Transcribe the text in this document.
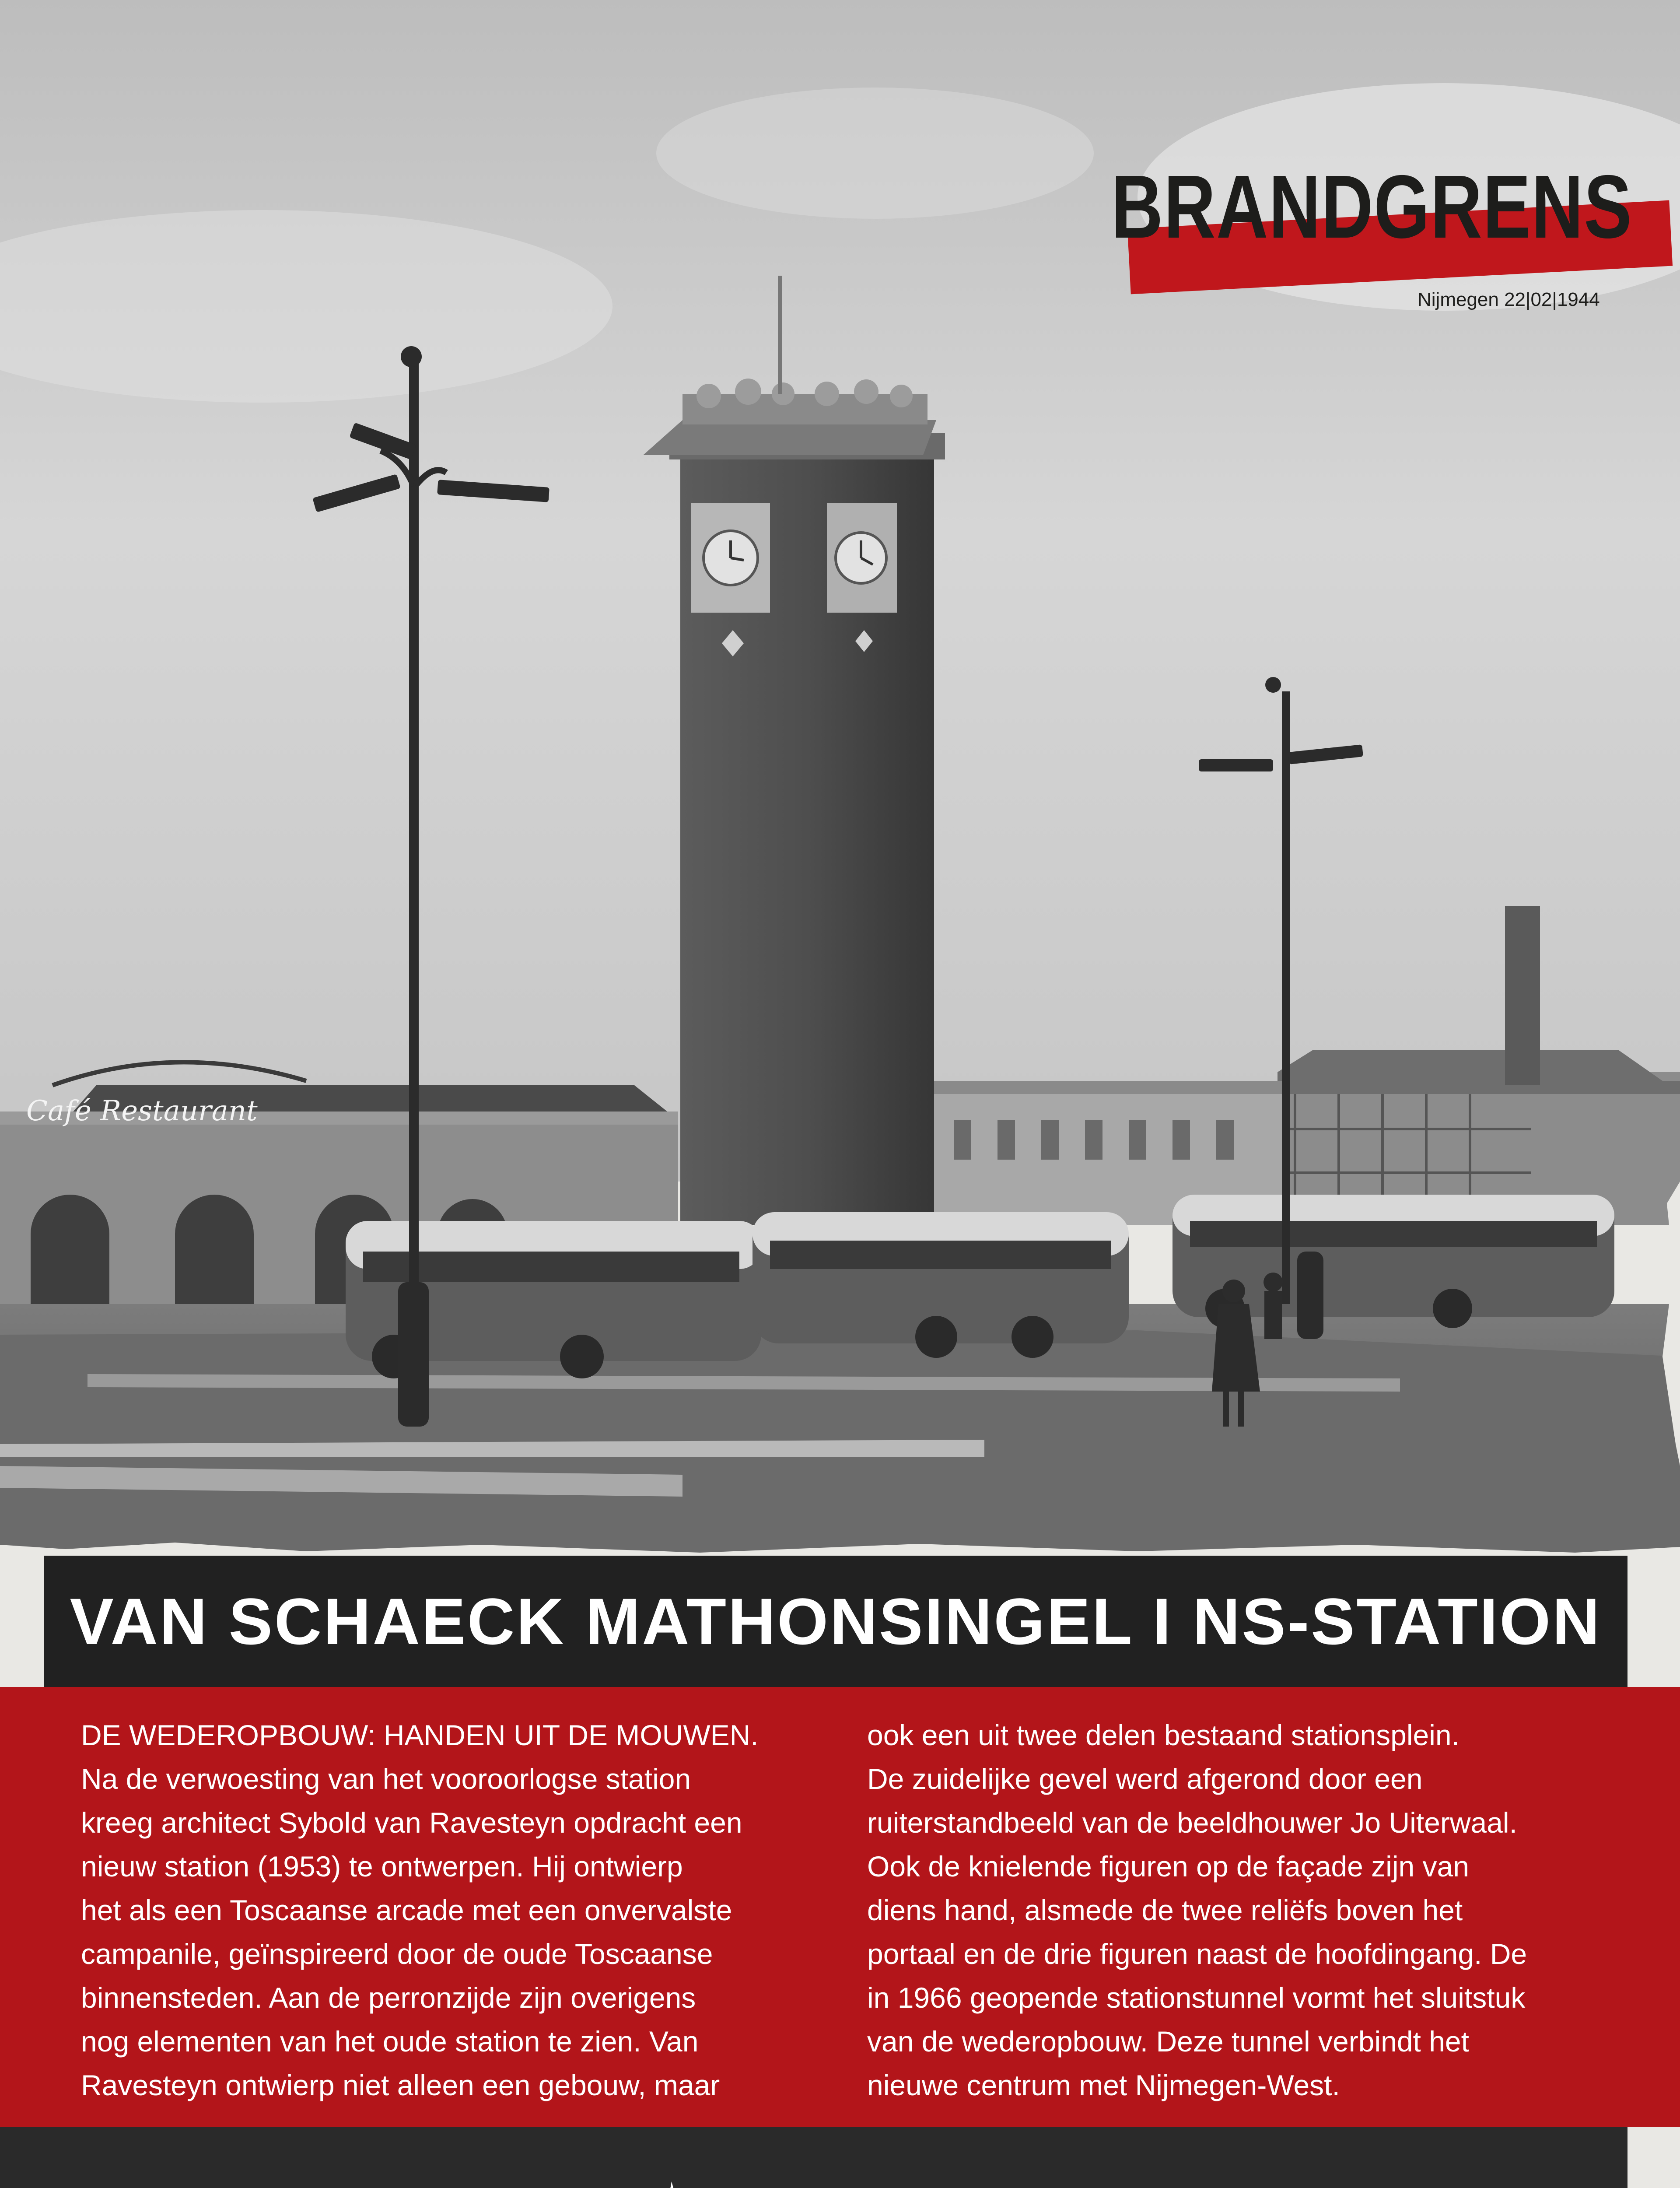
Café Restaurant
BRANDGRENS
Nijmegen 22|02|1944
VAN SCHAECK MATHONSINGEL I NS-STATION
DE WEDEROPBOUW: HANDEN UIT DE MOUWEN.
Na de verwoesting van het vooroorlogse station
kreeg architect Sybold van Ravesteyn opdracht een
nieuw station (1953) te ontwerpen. Hij ontwierp
het als een Toscaanse arcade met een onvervalste
campanile, geïnspireerd door de oude Toscaanse
binnensteden. Aan de perronzijde zijn overigens
nog elementen van het oude station te zien. Van
Ravesteyn ontwierp niet alleen een gebouw, maar
ook een uit twee delen bestaand stationsplein.
De zuidelijke gevel werd afgerond door een
ruiterstandbeeld van de beeldhouwer Jo Uiterwaal.
Ook de knielende figuren op de façade zijn van
diens hand, alsmede de twee reliëfs boven het
portaal en de drie figuren naast de hoofdingang. De
in 1966 geopende stationstunnel vormt het sluitstuk
van de wederopbouw. Deze tunnel verbindt het
nieuwe centrum met Nijmegen-West.
